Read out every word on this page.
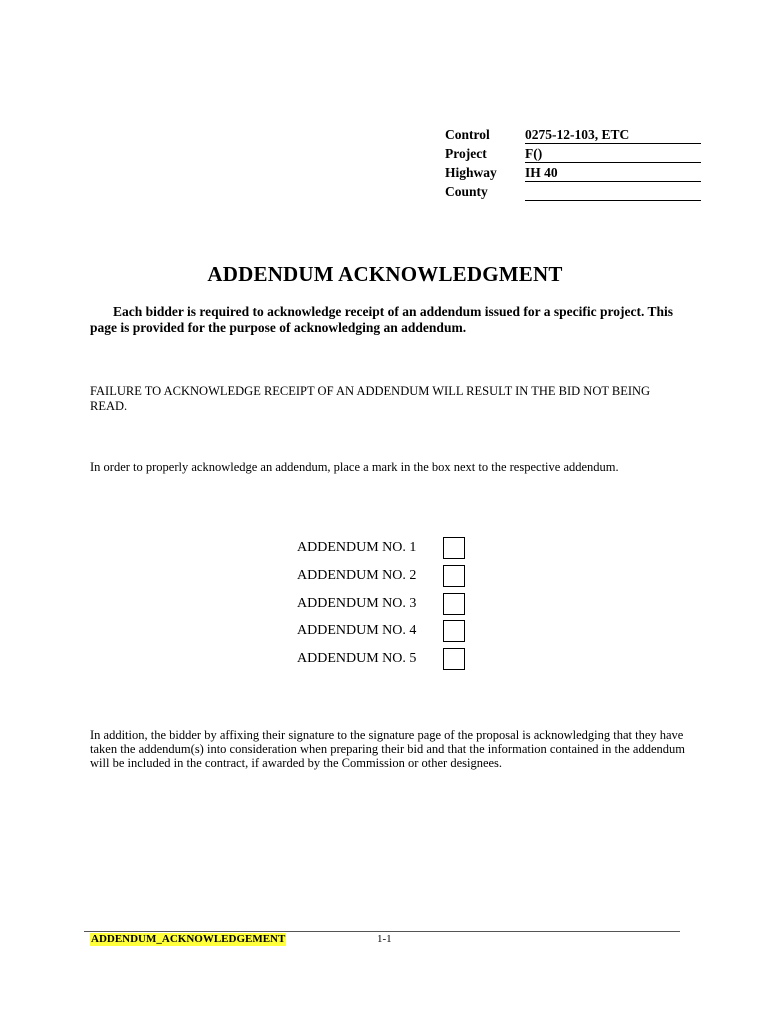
Control	0275-12-103, ETC
Project	F()
Highway IH 40
County
ADDENDUM ACKNOWLEDGMENT
Each bidder is required to acknowledge receipt of an addendum issued for a specific project. This page is provided for the purpose of acknowledging an addendum.
FAILURE TO ACKNOWLEDGE RECEIPT OF AN ADDENDUM WILL RESULT IN THE BID NOT BEING READ.
In order to properly acknowledge an addendum, place a mark in the box next to the respective addendum.
ADDENDUM NO. 1
ADDENDUM NO. 2
ADDENDUM NO. 3
ADDENDUM NO. 4
ADDENDUM NO. 5
In addition, the bidder by affixing their signature to the signature page of the proposal is acknowledging that they have taken the addendum(s) into consideration when preparing their bid and that the information contained in the addendum will be included in the contract, if awarded by the Commission or other designees.
ADDENDUM_ACKNOWLEDGEMENT	1-1
